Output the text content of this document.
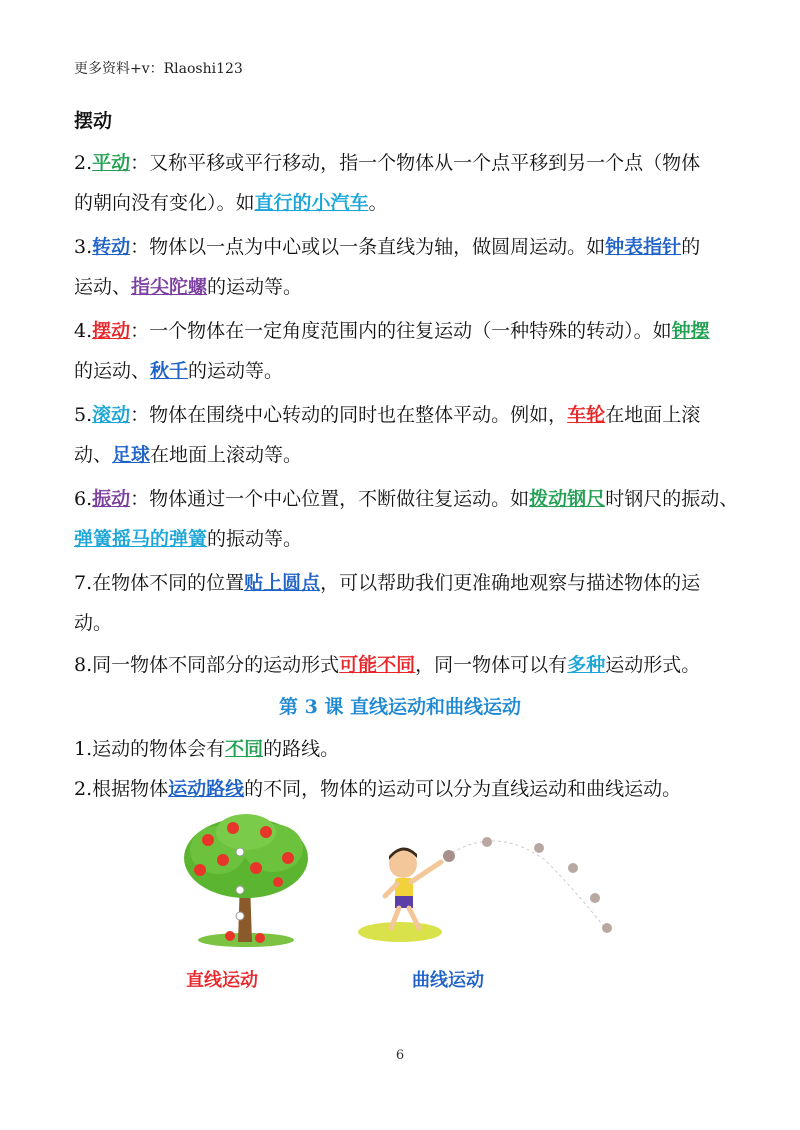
更多资料+v：Rlaoshi123
摆动
2.平动：又称平移或平行移动，指一个物体从一个点平移到另一个点（物体
的朝向没有变化）。如直行的小汽车。
3.转动：物体以一点为中心或以一条直线为轴，做圆周运动。如钟表指针的
运动、指尖陀螺的运动等。
4.摆动：一个物体在一定角度范围内的往复运动（一种特殊的转动）。如钟摆
的运动、秋千的运动等。
5.滚动：物体在围绕中心转动的同时也在整体平动。例如，车轮在地面上滚
动、足球在地面上滚动等。
6.振动：物体通过一个中心位置，不断做往复运动。如拨动钢尺时钢尺的振动、
弹簧摇马的弹簧的振动等。
7.在物体不同的位置贴上圆点，可以帮助我们更准确地观察与描述物体的运
动。
8.同一物体不同部分的运动形式可能不同，同一物体可以有多种运动形式。
第 3 课 直线运动和曲线运动
1.运动的物体会有不同的路线。
2.根据物体运动路线的不同，物体的运动可以分为直线运动和曲线运动。
直线运动	曲线运动
6
